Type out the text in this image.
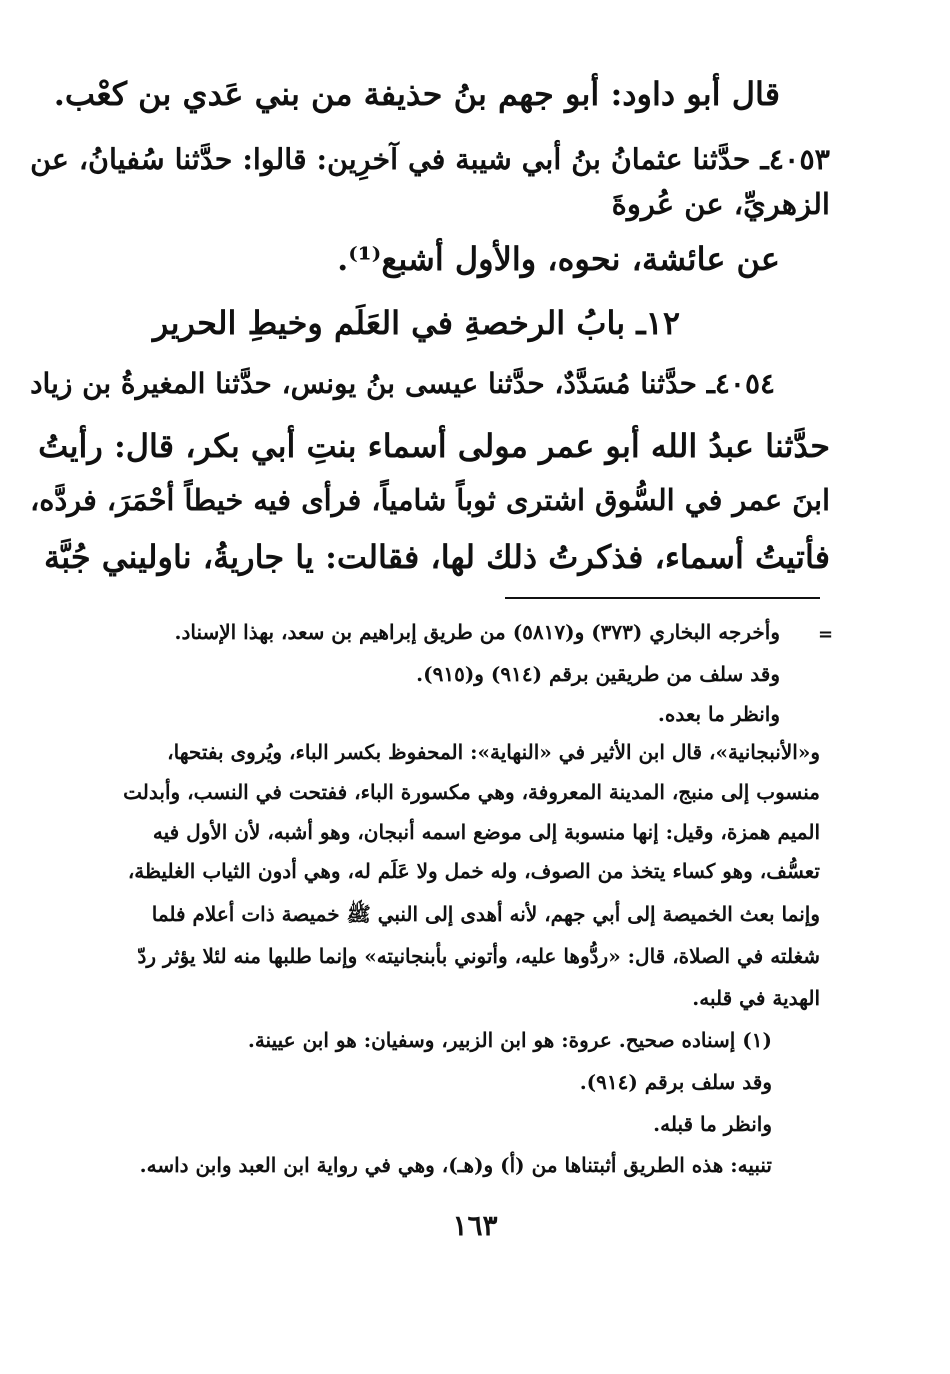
قال أبو داود: أبو جهم بنُ حذيفة من بني عَدي بن كعْب.
٤٠٥٣ـ حدَّثنا عثمانُ بنُ أبي شيبة في آخرِين: قالوا: حدَّثنا سُفيانُ، عن
الزهريِّ، عن عُروةَ
عن عائشة، نحوه، والأول أشبع⁽¹⁾.
١٢ـ بابُ الرخصةِ في العَلَم وخيطِ الحرير
٤٠٥٤ـ حدَّثنا مُسَدَّدٌ، حدَّثنا عيسى بنُ يونس، حدَّثنا المغيرةُ بن زياد
حدَّثنا عبدُ الله أبو عمر مولى أسماء بنتِ أبي بكر، قال: رأيتُ
ابنَ عمر في السُّوق اشترى ثوباً شامياً، فرأى فيه خيطاً أحْمَرَ، فردَّه،
فأتيتُ أسماء، فذكرتُ ذلك لها، فقالت: يا جاريةُ، ناوليني جُبَّة
=
وأخرجه البخاري (٣٧٣) و(٥٨١٧) من طريق إبراهيم بن سعد، بهذا الإسناد.
وقد سلف من طريقين برقم (٩١٤) و(٩١٥).
وانظر ما بعده.
و«الأنبجانية»، قال ابن الأثير في «النهاية»: المحفوظ بكسر الباء، ويُروى بفتحها،
منسوب إلى منبج، المدينة المعروفة، وهي مكسورة الباء، ففتحت في النسب، وأبدلت
الميم همزة، وقيل: إنها منسوبة إلى موضع اسمه أنبجان، وهو أشبه، لأن الأول فيه
تعسُّف، وهو كساء يتخذ من الصوف، وله خمل ولا عَلَم له، وهي أدون الثياب الغليظة،
وإنما بعث الخميصة إلى أبي جهم، لأنه أهدى إلى النبي ﷺ خميصة ذات أعلام فلما
شغلته في الصلاة، قال: «ردُّوها عليه، وأتوني بأبنجانيته» وإنما طلبها منه لئلا يؤثر ردّ
الهدية في قلبه.
(١) إسناده صحيح. عروة: هو ابن الزبير، وسفيان: هو ابن عيينة.
وقد سلف برقم (٩١٤).
وانظر ما قبله.
تنبيه: هذه الطريق أثبتناها من (أ) و(هـ)، وهي في رواية ابن العبد وابن داسه.
١٦٣
